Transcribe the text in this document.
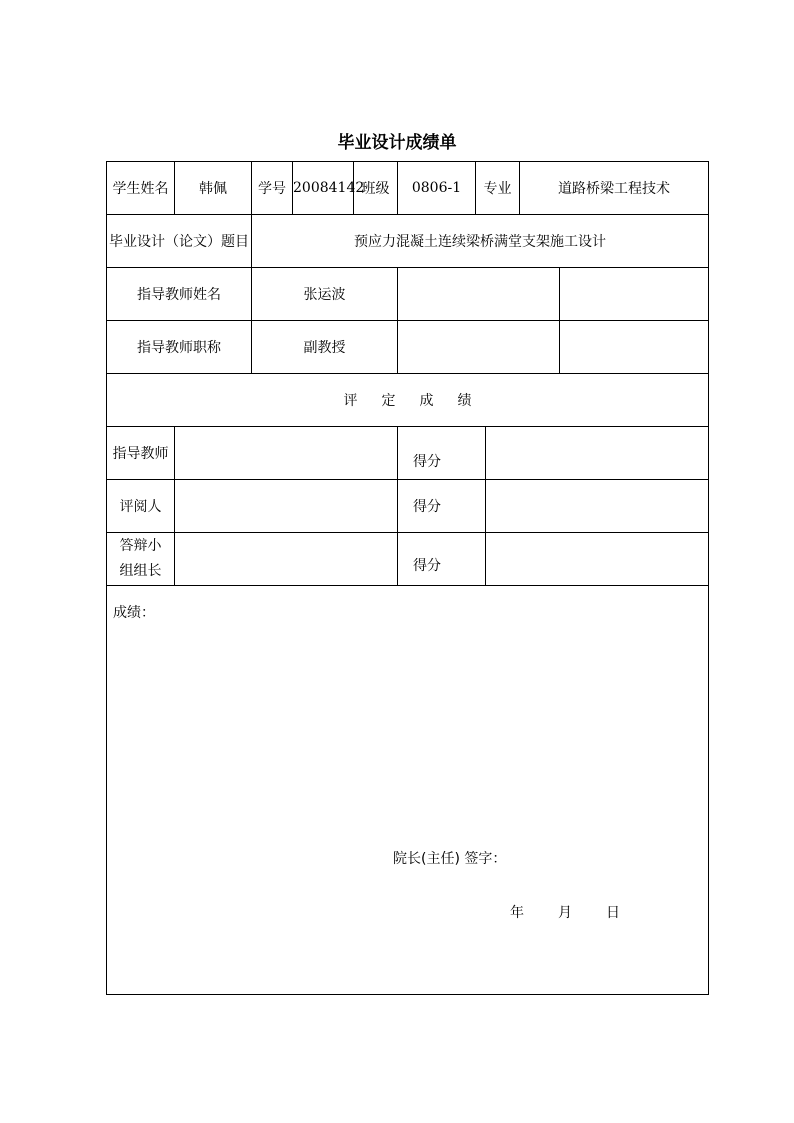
毕业设计成绩单
学生姓名	韩佩	学号	20084142	班级	0806-1	专业		道路桥梁工程技术	
毕业设计（论文）题目		预应力混凝土连续梁桥满堂支架施工设计							
指导教师姓名		张运波							
指导教师职称		副教授							
评 定 成 绩									
指导教师					得分				
评阅人					得分				
答辩小组组长					得分				

成绩：
院长(主任) 签字：
年 月 日									
